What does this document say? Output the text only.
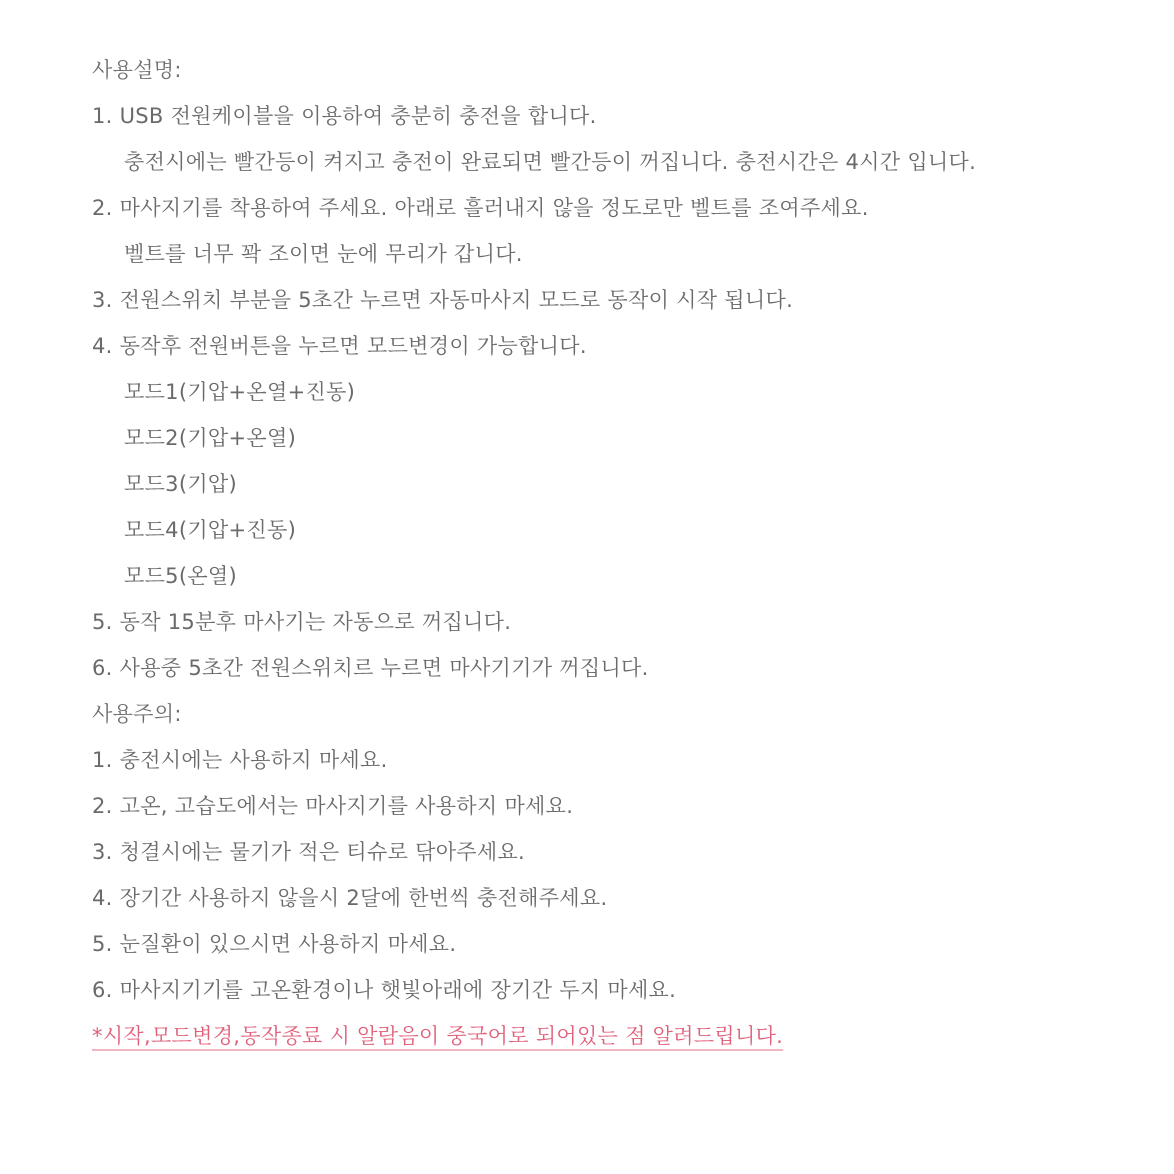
사용설명:
1. USB 전원케이블을 이용하여 충분히 충전을 합니다.
충전시에는 빨간등이 켜지고 충전이 완료되면 빨간등이 꺼집니다. 충전시간은 4시간 입니다.
2. 마사지기를 착용하여 주세요. 아래로 흘러내지 않을 정도로만 벨트를 조여주세요.
벨트를 너무 꽉 조이면 눈에 무리가 갑니다.
3. 전원스위치 부분을 5초간 누르면 자동마사지 모드로 동작이 시작 됩니다.
4. 동작후 전원버튼을 누르면 모드변경이 가능합니다.
모드1(기압+온열+진동)
모드2(기압+온열)
모드3(기압)
모드4(기압+진동)
모드5(온열)
5. 동작 15분후 마사기는 자동으로 꺼집니다.
6. 사용중 5초간 전원스위치르 누르면 마사기기가 꺼집니다.
사용주의:
1. 충전시에는 사용하지 마세요.
2. 고온, 고습도에서는 마사지기를 사용하지 마세요.
3. 청결시에는 물기가 적은 티슈로 닦아주세요.
4. 장기간 사용하지 않을시 2달에 한번씩 충전해주세요.
5. 눈질환이 있으시면 사용하지 마세요.
6. 마사지기기를 고온환경이나 햇빛아래에 장기간 두지 마세요.
*시작,모드변경,동작종료 시 알람음이 중국어로 되어있는 점 알려드립니다.
